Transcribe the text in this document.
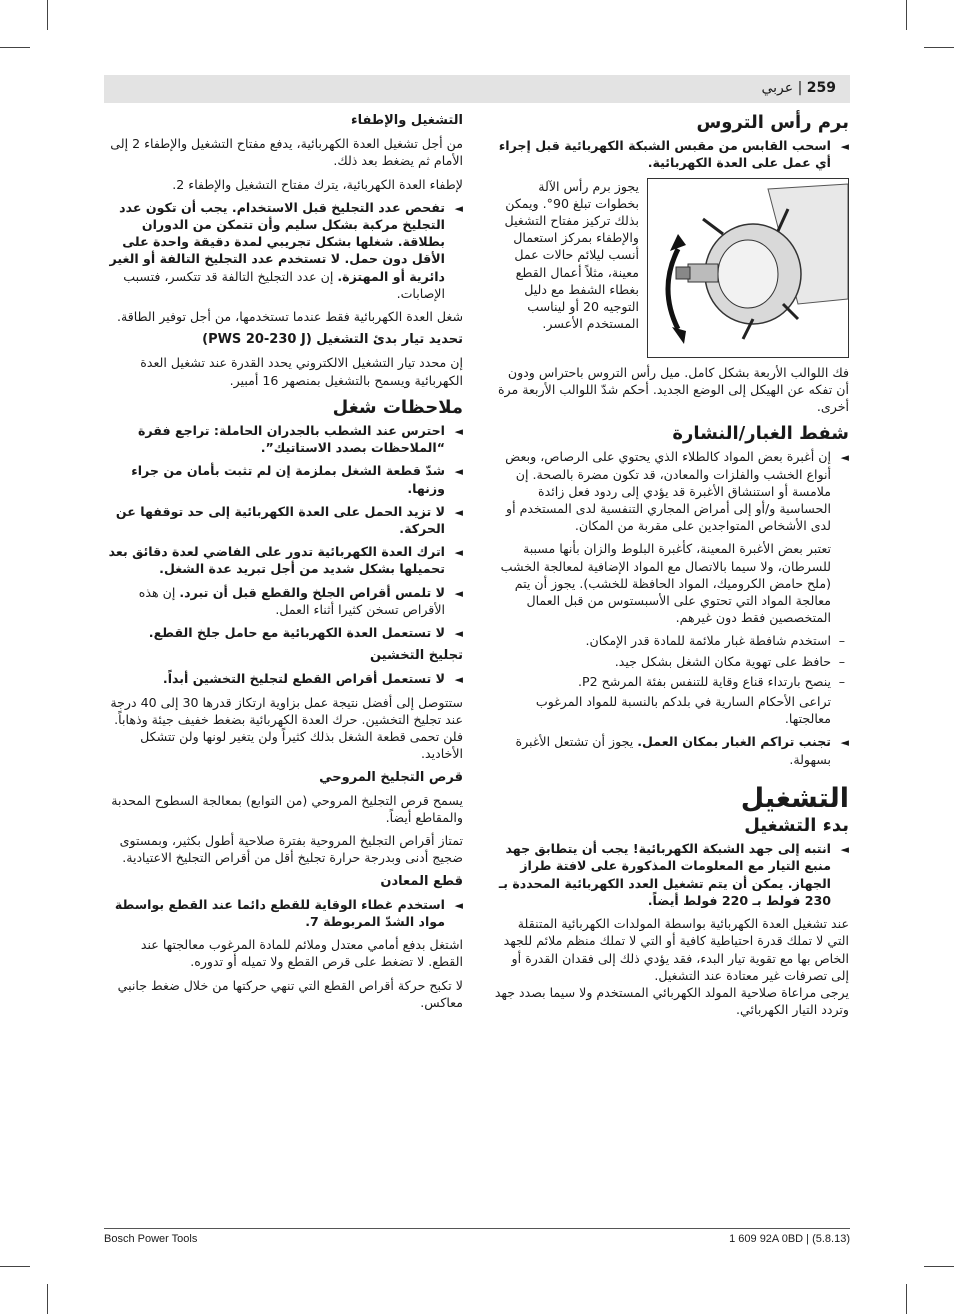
259 | عربي
برم رأس التروس
◄
اسحب القابس من مقبس الشبكة الكهربائية قبل إجراء أي عمل على العدة الكهربائية.

يجوز برم رأس الآلة بخطوات تبلغ 90°. ويمكن بذلك تركيز مفتاح التشغيل والإطفاء بمركز استعمال أنسب ليلائم حالات عمل معينة، مثلاً أعمال القطع بغطاء الشفط مع دليل التوجيه 20 أو ليناسب المستخدم الأعسر.

فك اللوالب الأربعة بشكل كامل. ميل رأس التروس باحتراس ودون أن تفكه عن الهيكل إلى الوضع الجديد. أحكم شدّ اللوالب الأربعة مرة أخرى.

شفط الغبار/النشارة
◄
إن أغبرة بعض المواد كالطلاء الذي يحتوي على الرصاص، وبعض أنواع الخشب والفلزات والمعادن، قد تكون مضرة بالصحة. إن ملامسة أو استنشاق الأغبرة قد يؤدي إلى ردود فعل زائدة الحساسية و/أو إلى أمراض المجاري التنفسية لدى المستخدم أو لدى الأشخاص المتواجدين على مقربة من المكان.

تعتبر بعض الأغبرة المعينة، كأغبرة البلوط والزان بأنها مسببة للسرطان، ولا سيما بالاتصال مع المواد الإضافية لمعالجة الخشب (ملح حامض الكروميك، المواد الحافظة للخشب). يجوز أن يتم معالجة المواد التي تحتوي على الأسبستوس من قبل العمال المتخصصين فقط دون غيرهم.

–
استخدم شافطة غبار ملائمة للمادة قدر الإمكان.
–
حافظ على تهوية مكان الشغل بشكل جيد.
–
ينصح بارتداء قناع وقاية للتنفس بفئة المرشح P2.

تراعى الأحكام السارية في بلدكم بالنسبة للمواد المرغوب معالجتها.

◄
تجنب تراكم الغبار بمكان العمل. يجوز أن تشتعل الأغبرة بسهولة.
التشغيل
بدء التشغيل
◄
انتبه إلى جهد الشبكة الكهربائية! يجب أن يتطابق جهد منبع التيار مع المعلومات المذكورة على لافتة طراز الجهاز. يمكن أن يتم تشغيل العدد الكهربائية المحددة بـ 230 فولط بـ 220 فولط أيضاً.

عند تشغيل العدة الكهربائية بواسطة المولدات الكهربائية المتنقلة التي لا تملك قدرة احتياطية كافية أو التي لا تملك منظم ملائم للجهد الخاص بها مع تقوية تيار البدء، فقد يؤدي ذلك إلى فقدان القدرة أو إلى تصرفات غير معتادة عند التشغيل.

يرجى مراعاة صلاحية المولد الكهربائي المستخدم ولا سيما بصدد جهد وتردد التيار الكهربائي.

التشغيل والإطفاء

من أجل تشغيل العدة الكهربائية، يدفع مفتاح التشغيل والإطفاء 2 إلى الأمام ثم يضغط بعد ذلك.

لإطفاء العدة الكهربائية، يترك مفتاح التشغيل والإطفاء 2.

◄
تفحص عدد التجليخ قبل الاستخدام. يجب أن تكون عدد التجليخ مركبة بشكل سليم وأن تتمكن من الدوران بطلاقة. شغلها بشكل تجريبي لمدة دقيقة واحدة على الأقل دون حمل. لا تستخدم عدد التجليخ التالفة أو الغير دائرية أو المهتزة. إن عدد التجليخ التالفة قد تتكسر، فتسبب الإصابات.

شغل العدة الكهربائية فقط عندما تستخدمها، من أجل توفير الطاقة.

تحديد تيار بدئ التشغيل (PWS 20-230 J)

إن محدد تيار التشغيل الالكتروني يحدد القدرة عند تشغيل العدة الكهربائية ويسمح بالتشغيل بمنصهر 16 أمبير.

ملاحظات شغل
◄
احترس عند الشطب بالجدران الحاملة: تراجع فقرة “الملاحظات بصدد الاستاتيك”.
◄
شدّ قطعة الشغل بملزمة إن لم تثبت بأمان من جراء وزنها.
◄
لا تزيد الحمل على العدة الكهربائية إلى حد توقفها عن الحركة.
◄
اترك العدة الكهربائية تدور على الفاضي لعدة دقائق بعد تحميلها بشكل شديد من أجل تبريد عدة الشغل.
◄
لا تلمس أقراص الجلخ والقطع قبل أن تبرد. إن هذه الأقراص تسخن كثيرا أثناء العمل.
◄
لا تستعمل العدة الكهربائية مع حامل جلخ القطع.
تجليخ التخشين
◄
لا تستعمل أقراص القطع لتجليخ التخشين أبداً.

ستتوصل إلى أفضل نتيجة عمل بزاوية ارتكاز قدرها 30 إلى 40 درجة عند تجليخ التخشين. حرك العدة الكهربائية بضغط خفيف جيئة وذهاباً. فلن تحمى قطعة الشغل بذلك كثيراً ولن يتغير لونها ولن تتشكل الأخاديد.

قرص التجليخ المروحي

يسمح قرص التجليخ المروحي (من التوابع) بمعالجة السطوح المحدبة والمقاطع أيضاً.

تمتاز أقراص التجليخ المروحية بفترة صلاحية أطول بكثير، وبمستوى ضجيج أدنى وبدرجة حرارة تجليخ أقل من أقراص التجليخ الاعتيادية.

قطع المعادن
◄
استخدم غطاء الوقاية للقطع دائما عند القطع بواسطة مواد الشدّ المربوطة 7.

اشتغل بدفع أمامي معتدل وملائم للمادة المرغوب معالجتها عند القطع. لا تضغط على قرص القطع ولا تميله أو تدوره.

لا تكبح حركة أقراص القطع التي تنهي حركتها من خلال ضغط جانبي معاكس.

Bosch Power Tools	1 609 92A 0BD | (5.8.13)
